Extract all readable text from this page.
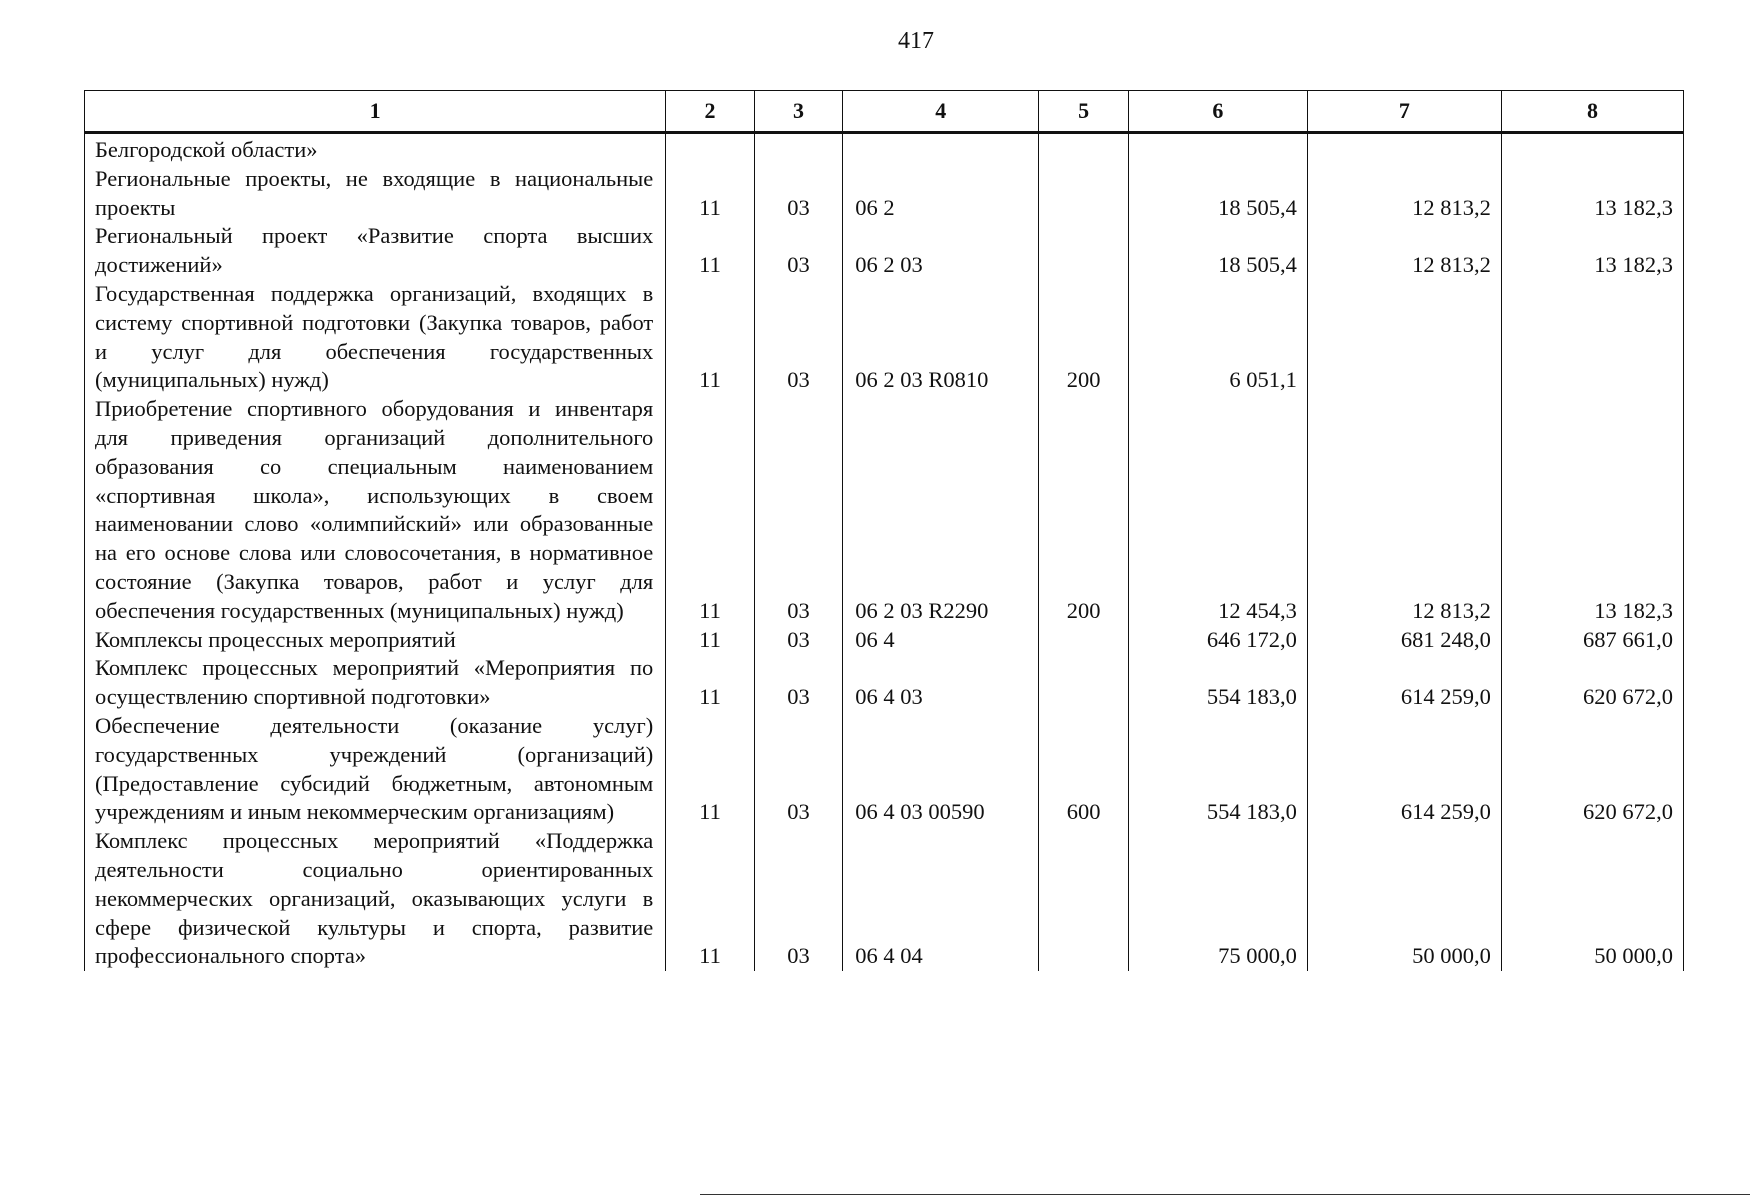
417
1	2	3	4	5	6	7	8
Белгородской области»							
Региональные проекты, не входящие в национальные проекты	11	03	06 2		18 505,4	12 813,2	13 182,3
Региональный проект «Развитие спорта высших достижений»	11	03	06 2 03		18 505,4	12 813,2	13 182,3
Государственная поддержка организаций, входящих в систему спортивной подготовки (Закупка товаров, работ и услуг для обеспечения государственных (муниципальных) нужд)	11	03	06 2 03 R0810	200	6 051,1		
Приобретение спортивного оборудования и инвентаря для приведения организаций дополнительного образования со специальным наименованием «спортивная школа», использующих в своем наименовании слово «олимпийский» или образованные на его основе слова или словосочетания, в нормативное состояние (Закупка товаров, работ и услуг для обеспечения государственных (муниципальных) нужд)	11	03	06 2 03 R2290	200	12 454,3	12 813,2	13 182,3
Комплексы процессных мероприятий	11	03	06 4		646 172,0	681 248,0	687 661,0
Комплекс процессных мероприятий «Мероприятия по осуществлению спортивной подготовки»	11	03	06 4 03		554 183,0	614 259,0	620 672,0
Обеспечение деятельности (оказание услуг) государственных учреждений (организаций) (Предоставление субсидий бюджетным, автономным учреждениям и иным некоммерческим организациям)	11	03	06 4 03 00590	600	554 183,0	614 259,0	620 672,0
Комплекс процессных мероприятий «Поддержка деятельности социально ориентированных некоммерческих организаций, оказывающих услуги в сфере физической культуры и спорта, развитие профессионального спорта»	11	03	06 4 04		75 000,0	50 000,0	50 000,0
